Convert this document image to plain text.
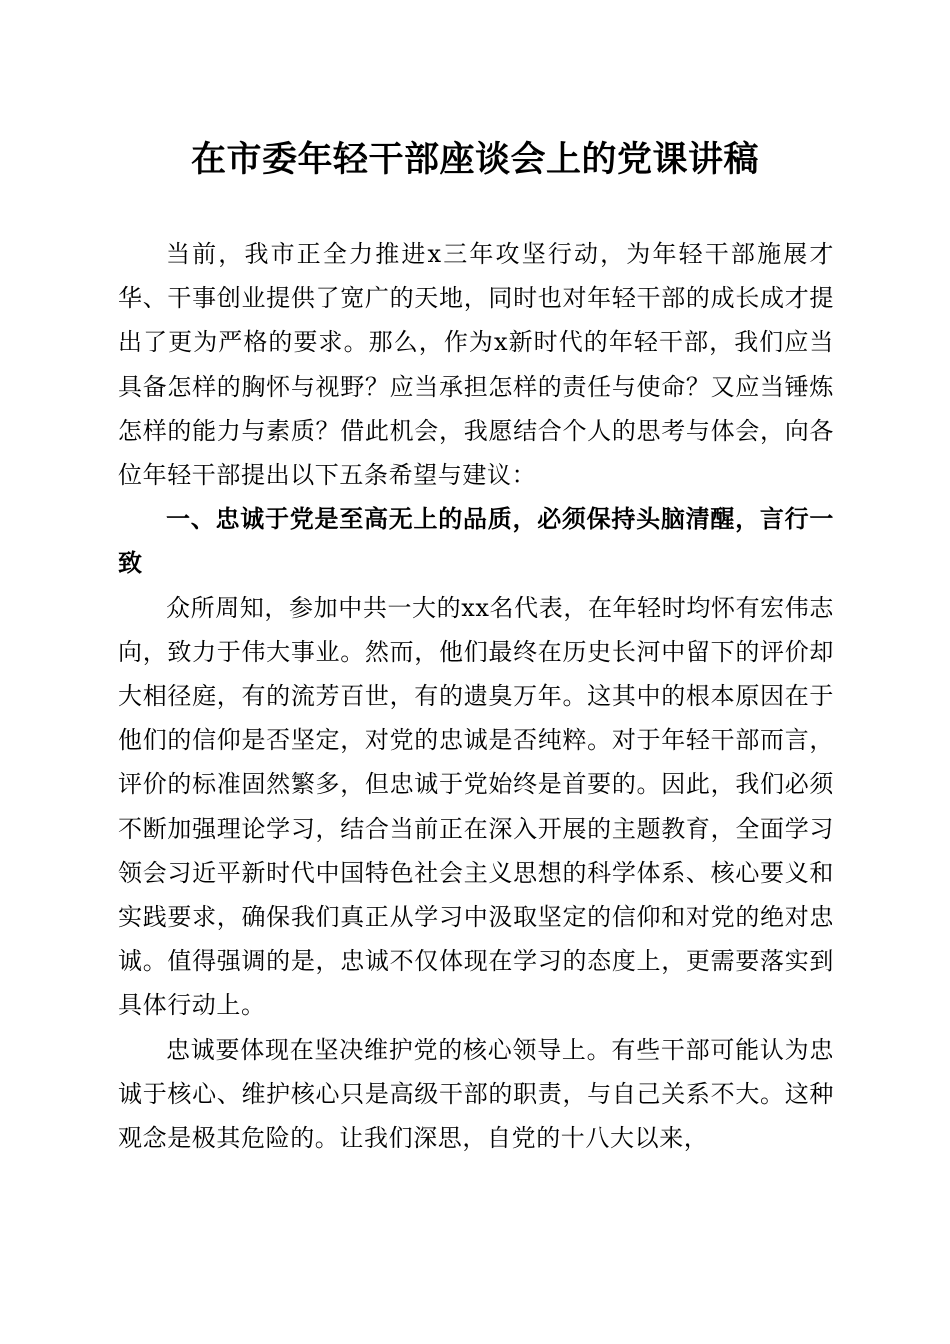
在市委年轻干部座谈会上的党课讲稿

当前，我市正全力推进x三年攻坚行动，为年轻干部施展才华、干事创业提供了宽广的天地，同时也对年轻干部的成长成才提出了更为严格的要求。那么，作为x新时代的年轻干部，我们应当具备怎样的胸怀与视野？应当承担怎样的责任与使命？又应当锤炼怎样的能力与素质？借此机会，我愿结合个人的思考与体会，向各位年轻干部提出以下五条希望与建议：

一、忠诚于党是至高无上的品质，必须保持头脑清醒，言行一致

众所周知，参加中共一大的xx名代表，在年轻时均怀有宏伟志向，致力于伟大事业。然而，他们最终在历史长河中留下的评价却大相径庭，有的流芳百世，有的遗臭万年。这其中的根本原因在于他们的信仰是否坚定，对党的忠诚是否纯粹。对于年轻干部而言，评价的标准固然繁多，但忠诚于党始终是首要的。因此，我们必须不断加强理论学习，结合当前正在深入开展的主题教育，全面学习领会习近平新时代中国特色社会主义思想的科学体系、核心要义和实践要求，确保我们真正从学习中汲取坚定的信仰和对党的绝对忠诚。值得强调的是，忠诚不仅体现在学习的态度上，更需要落实到具体行动上。

忠诚要体现在坚决维护党的核心领导上。有些干部可能认为忠诚于核心、维护核心只是高级干部的职责，与自己关系不大。这种观念是极其危险的。让我们深思，自党的十八大以来，
